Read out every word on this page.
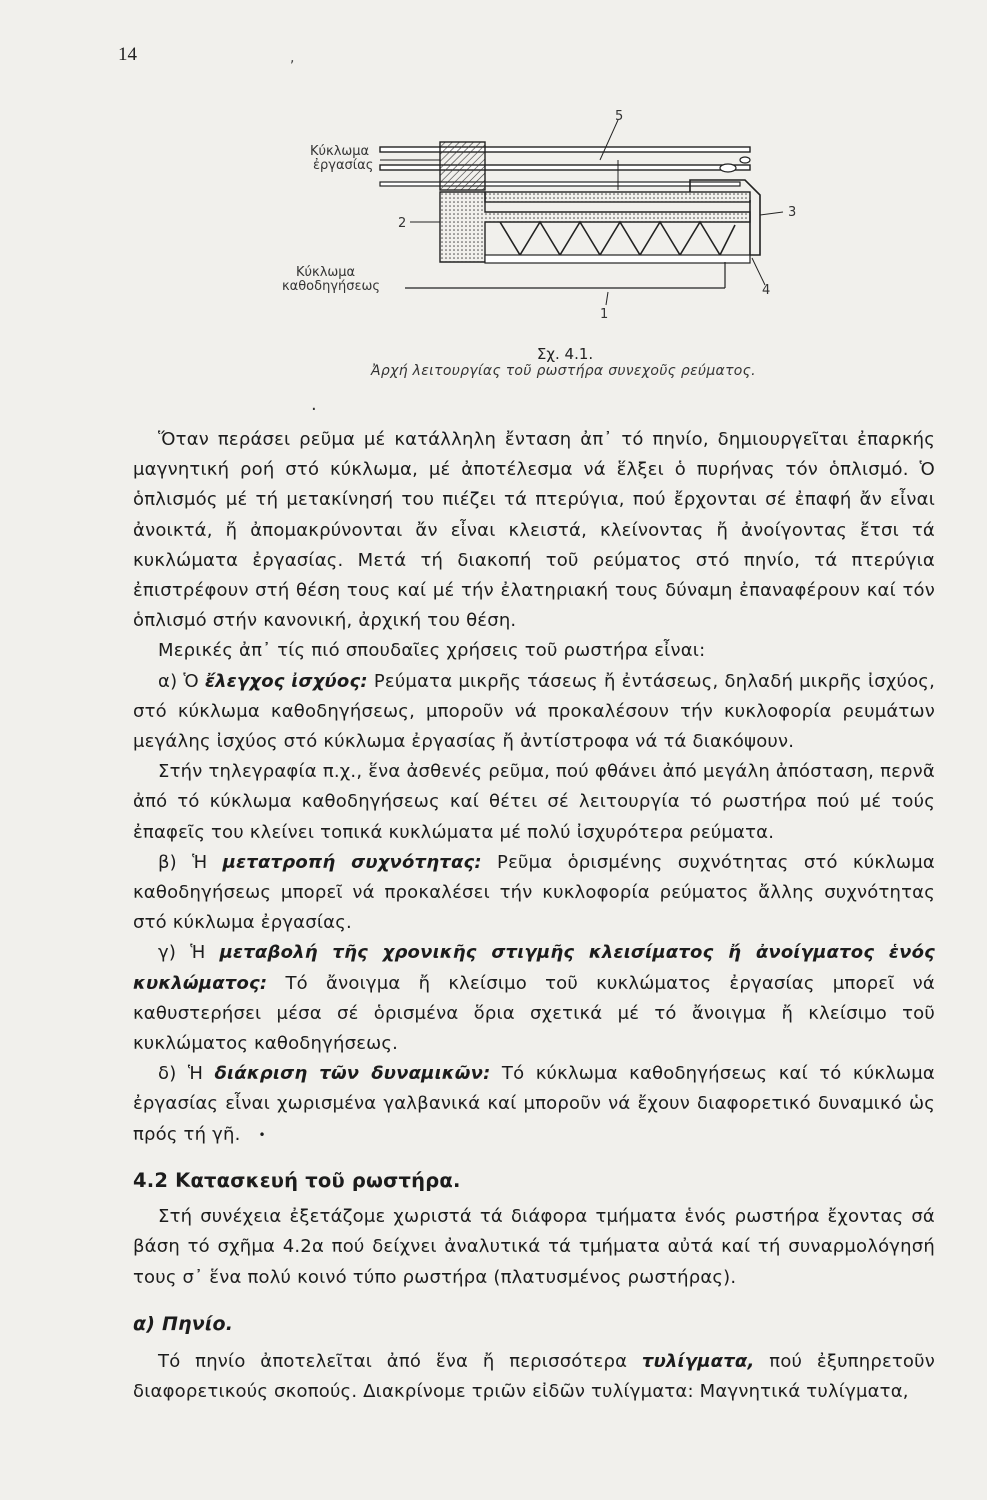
14	,
Κύκλωμα
ἐργασίας
Κύκλωμα
καθοδηγήσεως
2
5
3
4
1
Σχ. 4.1.
Ἀρχή λειτουργίας τοῦ ρωστήρα συνεχοῦς ρεύματος.
.

Ὅταν περάσει ρεῦμα μέ κατάλληλη ἔνταση ἀπ᾽ τό πηνίο, δημιουργεῖται ἐπαρκής μαγνητική ροή στό κύκλωμα, μέ ἀποτέλεσμα νά ἕλξει ὁ πυρήνας τόν ὁπλισμό. Ὁ ὁπλισμός μέ τή μετακίνησή του πιέζει τά πτερύγια, πού ἔρχονται σέ ἐπαφή ἄν εἶναι ἀνοικτά, ἤ ἀπομακρύνονται ἄν εἶναι κλειστά, κλείνοντας ἤ ἀνοίγοντας ἔτσι τά κυκλώματα ἐργασίας. Μετά τή διακοπή τοῦ ρεύματος στό πηνίο, τά πτερύγια ἐπιστρέφουν στή θέση τους καί μέ τήν ἐλατηριακή τους δύναμη ἐπαναφέρουν καί τόν ὁπλισμό στήν κανονική, ἀρχική του θέση.

Μερικές ἀπ᾽ τίς πιό σπουδαῖες χρήσεις τοῦ ρωστήρα εἶναι:

α) Ὁ ἔλεγχος ἰσχύος: Ρεύματα μικρῆς τάσεως ἤ ἐντάσεως, δηλαδή μικρῆς ἰσχύος, στό κύκλωμα καθοδηγήσεως, μποροῦν νά προκαλέσουν τήν κυκλοφορία ρευμάτων μεγάλης ἰσχύος στό κύκλωμα ἐργασίας ἤ ἀντίστροφα νά τά διακόψουν.

Στήν τηλεγραφία π.χ., ἕνα ἀσθενές ρεῦμα, πού φθάνει ἀπό μεγάλη ἀπόσταση, περνᾶ ἀπό τό κύκλωμα καθοδηγήσεως καί θέτει σέ λειτουργία τό ρωστήρα πού μέ τούς ἐπαφεῖς του κλείνει τοπικά κυκλώματα μέ πολύ ἰσχυρότερα ρεύματα.

β) Ἡ μετατροπή συχνότητας: Ρεῦμα ὁρισμένης συχνότητας στό κύκλωμα καθοδηγήσεως μπορεῖ νά προκαλέσει τήν κυκλοφορία ρεύματος ἄλλης συχνότητας στό κύκλωμα ἐργασίας.

γ) Ἡ μεταβολή τῆς χρονικῆς στιγμῆς κλεισίματος ἤ ἀνοίγματος ἑνός κυκλώματος: Τό ἄνοιγμα ἤ κλείσιμο τοῦ κυκλώματος ἐργασίας μπορεῖ νά καθυστερήσει μέσα σέ ὁρισμένα ὅρια σχετικά μέ τό ἄνοιγμα ἤ κλείσιμο τοῦ κυκλώματος καθοδηγήσεως.

δ) Ἡ διάκριση τῶν δυναμικῶν: Τό κύκλωμα καθοδηγήσεως καί τό κύκλωμα ἐργασίας εἶναι χωρισμένα γαλβανικά καί μποροῦν νά ἔχουν διαφορετικό δυναμικό ὡς πρός τή γῆ. •

4.2 Κατασκευή τοῦ ρωστήρα.

Στή συνέχεια ἐξετάζομε χωριστά τά διάφορα τμήματα ἑνός ρωστήρα ἔχοντας σά βάση τό σχῆμα 4.2α πού δείχνει ἀναλυτικά τά τμήματα αὐτά καί τή συναρμολόγησή τους σ᾽ ἕνα πολύ κοινό τύπο ρωστήρα (πλατυσμένος ρωστήρας).

α) Πηνίο.

Τό πηνίο ἀποτελεῖται ἀπό ἕνα ἤ περισσότερα τυλίγματα, πού ἐξυπηρετοῦν διαφορετικούς σκοπούς. Διακρίνομε τριῶν εἰδῶν τυλίγματα: Μαγνητικά τυλίγματα,
